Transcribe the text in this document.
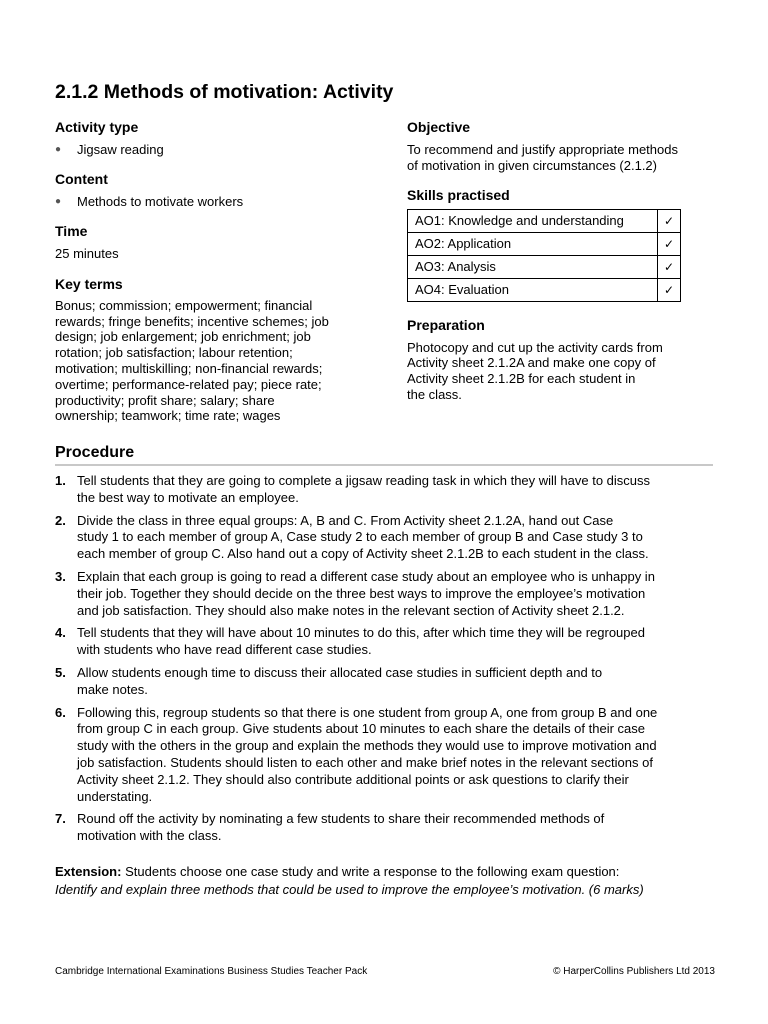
2.1.2 Methods of motivation: Activity
Activity type
●	Jigsaw reading
Content
●	Methods to motivate workers
Time
25 minutes
Key terms
Bonus; commission; empowerment; financial
rewards; fringe benefits; incentive schemes; job
design; job enlargement; job enrichment; job
rotation; job satisfaction; labour retention;
motivation; multiskilling; non-financial rewards;
overtime; performance-related pay; piece rate;
productivity; profit share; salary; share
ownership; teamwork; time rate; wages
Objective
To recommend and justify appropriate methods
of motivation in given circumstances (2.1.2)
Skills practised
AO1: Knowledge and understanding	✓
AO2: Application	✓
AO3: Analysis	✓
AO4: Evaluation	✓
Preparation
Photocopy and cut up the activity cards from
Activity sheet 2.1.2A and make one copy of
Activity sheet 2.1.2B for each student in
the class.
Procedure
1. Tell students that they are going to complete a jigsaw reading task in which they will have to discuss
the best way to motivate an employee.
2. Divide the class in three equal groups: A, B and C. From Activity sheet 2.1.2A, hand out Case
study 1 to each member of group A, Case study 2 to each member of group B and Case study 3 to
each member of group C. Also hand out a copy of Activity sheet 2.1.2B to each student in the class.
3. Explain that each group is going to read a different case study about an employee who is unhappy in
their job. Together they should decide on the three best ways to improve the employee’s motivation
and job satisfaction. They should also make notes in the relevant section of Activity sheet 2.1.2.
4. Tell students that they will have about 10 minutes to do this, after which time they will be regrouped
with students who have read different case studies.
5. Allow students enough time to discuss their allocated case studies in sufficient depth and to
make notes.
6. Following this, regroup students so that there is one student from group A, one from group B and one
from group C in each group. Give students about 10 minutes to each share the details of their case
study with the others in the group and explain the methods they would use to improve motivation and
job satisfaction. Students should listen to each other and make brief notes in the relevant sections of
Activity sheet 2.1.2. They should also contribute additional points or ask questions to clarify their
understating.
7. Round off the activity by nominating a few students to share their recommended methods of
motivation with the class.
Extension: Students choose one case study and write a response to the following exam question:
Identify and explain three methods that could be used to improve the employee’s motivation. (6 marks)
Cambridge International Examinations Business Studies Teacher Pack	© HarperCollins Publishers Ltd 2013
